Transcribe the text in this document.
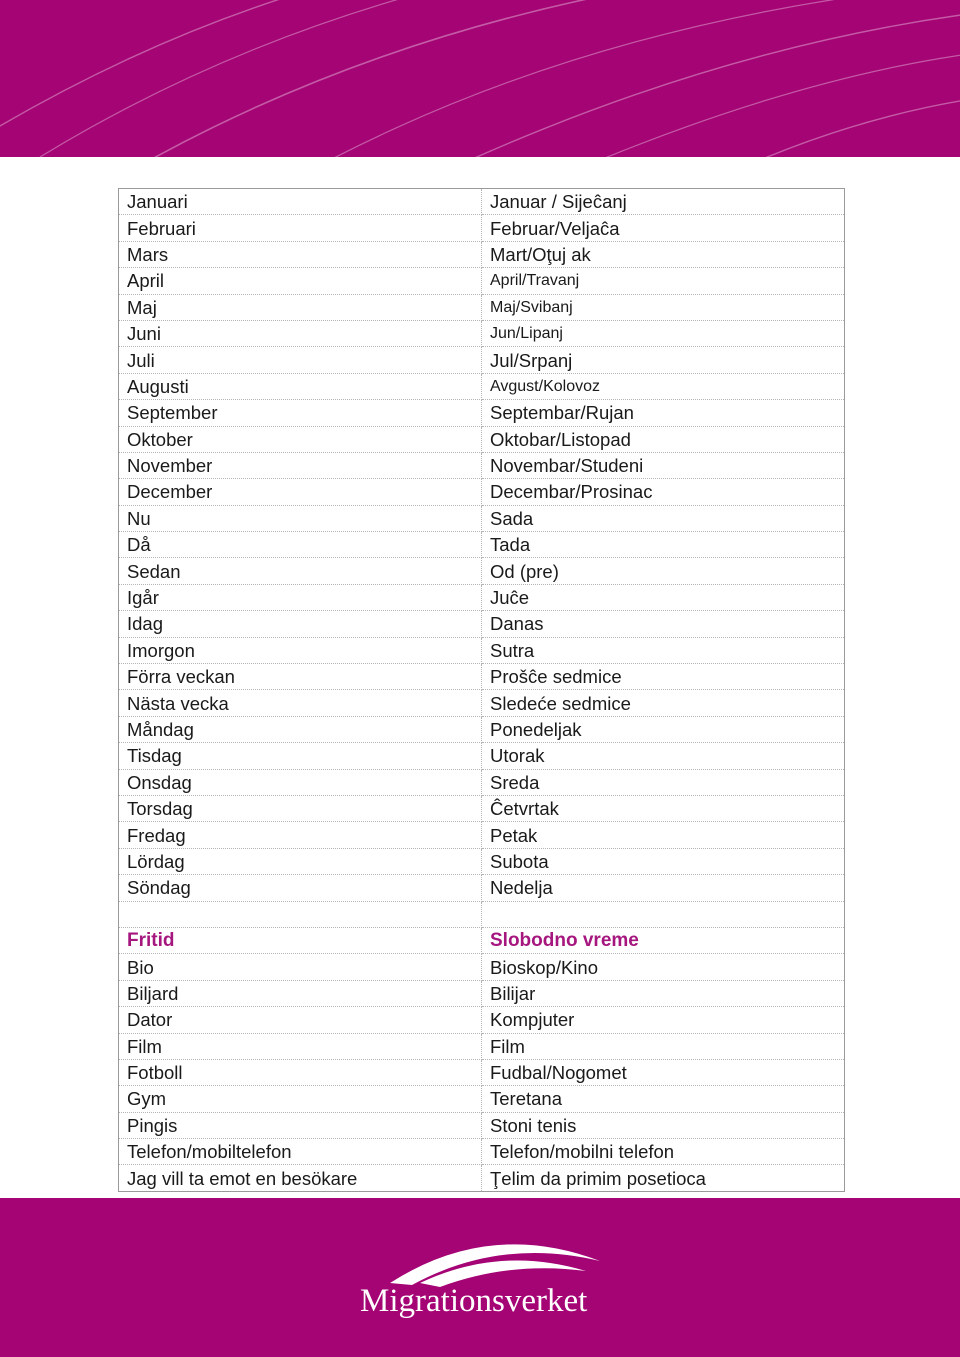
Januari	Januar / Sijeĉanj
Februari	Februar/Veljaĉa
Mars	Mart/Oţuj ak
April	April/Travanj
Maj	Maj/Svibanj
Juni	Jun/Lipanj
Juli	Jul/Srpanj
Augusti	Avgust/Kolovoz
September	Septembar/Rujan
Oktober	Oktobar/Listopad
November	Novembar/Studeni
December	Decembar/Prosinac
Nu	Sada
Då	Tada
Sedan	Od (pre)
Igår	Juĉe
Idag	Danas
Imorgon	Sutra
Förra veckan	Prošĉe sedmice
Nästa vecka	Sledeće sedmice
Måndag	Ponedeljak
Tisdag	Utorak
Onsdag	Sreda
Torsdag	Ĉetvrtak
Fredag	Petak
Lördag	Subota
Söndag	Nedelja

Fritid	Slobodno vreme
Bio	Bioskop/Kino
Biljard	Bilijar
Dator	Kompjuter
Film	Film
Fotboll	Fudbal/Nogomet
Gym	Teretana
Pingis	Stoni tenis
Telefon/mobiltelefon	Telefon/mobilni telefon
Jag vill ta emot en besökare	Ţelim da primim posetioca
Migrationsverket
